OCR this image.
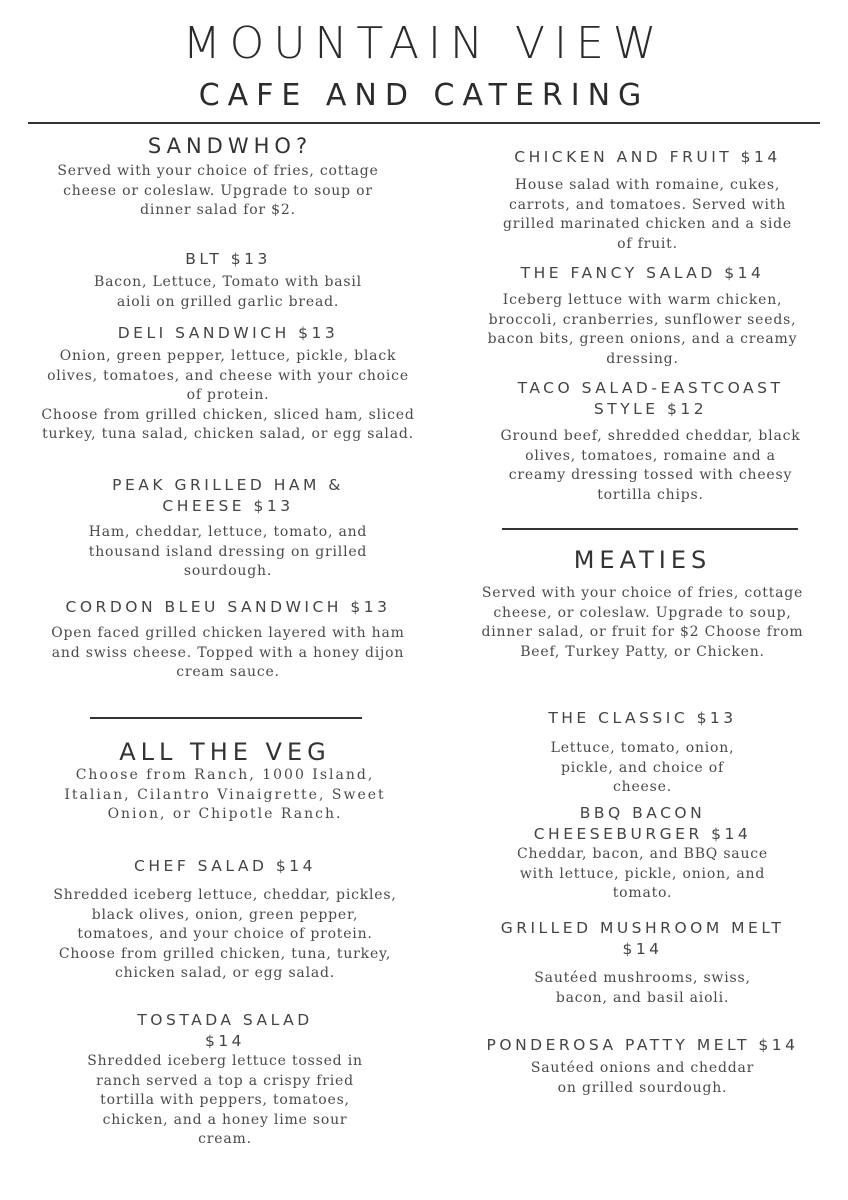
MOUNTAIN VIEW
CAFE AND CATERING
SANDWHO?
Served with your choice of fries, cottage cheese or coleslaw. Upgrade to soup or dinner salad for $2.
BLT $13
Bacon, Lettuce, Tomato with basil aioli on grilled garlic bread.
DELI SANDWICH $13
Onion, green pepper, lettuce, pickle, black olives, tomatoes, and cheese with your choice of protein.
Choose from grilled chicken, sliced ham, sliced turkey, tuna salad, chicken salad, or egg salad.
PEAK GRILLED HAM & CHEESE $13
Ham, cheddar, lettuce, tomato, and thousand island dressing on grilled sourdough.
CORDON BLEU SANDWICH $13
Open faced grilled chicken layered with ham and swiss cheese. Topped with a honey dijon cream sauce.
ALL THE VEG
Choose from Ranch, 1000 Island, Italian, Cilantro Vinaigrette, Sweet Onion, or Chipotle Ranch.
CHEF SALAD $14
Shredded iceberg lettuce, cheddar, pickles, black olives, onion, green pepper, tomatoes, and your choice of protein. Choose from grilled chicken, tuna, turkey, chicken salad, or egg salad.
TOSTADA SALAD $14
Shredded iceberg lettuce tossed in ranch served a top a crispy fried tortilla with peppers, tomatoes, chicken, and a honey lime sour cream.
CHICKEN AND FRUIT $14
House salad with romaine, cukes, carrots, and tomatoes. Served with grilled marinated chicken and a side of fruit.
THE FANCY SALAD $14
Iceberg lettuce with warm chicken, broccoli, cranberries, sunflower seeds, bacon bits, green onions, and a creamy dressing.
TACO SALAD-EASTCOAST STYLE $12
Ground beef, shredded cheddar, black olives, tomatoes, romaine and a creamy dressing tossed with cheesy tortilla chips.
MEATIES
Served with your choice of fries, cottage cheese, or coleslaw. Upgrade to soup, dinner salad, or fruit for $2 Choose from Beef, Turkey Patty, or Chicken.
THE CLASSIC $13
Lettuce, tomato, onion, pickle, and choice of cheese.
BBQ BACON CHEESEBURGER $14
Cheddar, bacon, and BBQ sauce with lettuce, pickle, onion, and tomato.
GRILLED MUSHROOM MELT $14
Sautéed mushrooms, swiss, bacon, and basil aioli.
PONDEROSA PATTY MELT $14
Sautéed onions and cheddar on grilled sourdough.
